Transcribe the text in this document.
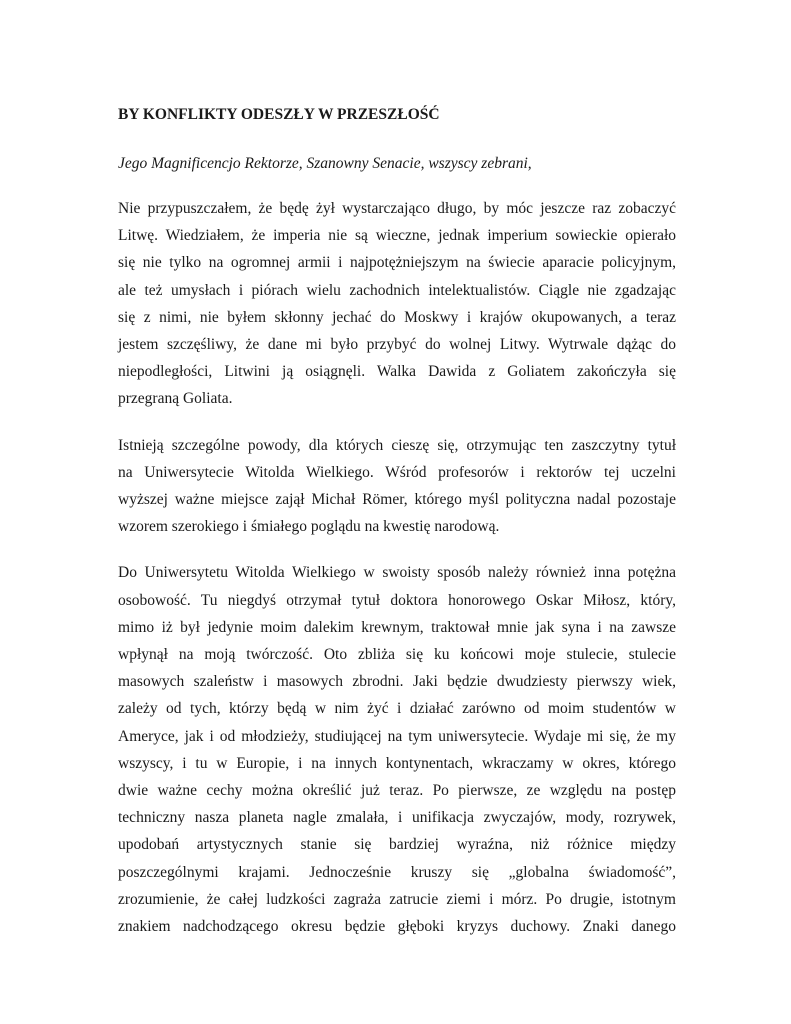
BY KONFLIKTY ODESZŁY W PRZESZŁOŚĆ

Jego Magnificencjo Rektorze, Szanowny Senacie, wszyscy zebrani,

Nie przypuszczałem, że będę żył wystarczająco długo, by móc jeszcze raz zobaczyć
Litwę. Wiedziałem, że imperia nie są wieczne, jednak imperium sowieckie opierało
się nie tylko na ogromnej armii i najpotężniejszym na świecie aparacie policyjnym,
ale też umysłach i piórach wielu zachodnich intelektualistów. Ciągle nie zgadzając
się z nimi, nie byłem skłonny jechać do Moskwy i krajów okupowanych, a teraz
jestem szczęśliwy, że dane mi było przybyć do wolnej Litwy. Wytrwale dążąc do
niepodległości, Litwini ją osiągnęli. Walka Dawida z Goliatem zakończyła się
przegraną Goliata.
Istnieją szczególne powody, dla których cieszę się, otrzymując ten zaszczytny tytuł
na Uniwersytecie Witolda Wielkiego. Wśród profesorów i rektorów tej uczelni
wyższej ważne miejsce zajął Michał Römer, którego myśl polityczna nadal pozostaje
wzorem szerokiego i śmiałego poglądu na kwestię narodową.
Do Uniwersytetu Witolda Wielkiego w swoisty sposób należy również inna potężna
osobowość. Tu niegdyś otrzymał tytuł doktora honorowego Oskar Miłosz, który,
mimo iż był jedynie moim dalekim krewnym, traktował mnie jak syna i na zawsze
wpłynął na moją twórczość. Oto zbliża się ku końcowi moje stulecie, stulecie
masowych szaleństw i masowych zbrodni. Jaki będzie dwudziesty pierwszy wiek,
zależy od tych, którzy będą w nim żyć i działać zarówno od moim studentów w
Ameryce, jak i od młodzieży, studiującej na tym uniwersytecie. Wydaje mi się, że my
wszyscy, i tu w Europie, i na innych kontynentach, wkraczamy w okres, którego
dwie ważne cechy można określić już teraz. Po pierwsze, ze względu na postęp
techniczny nasza planeta nagle zmalała, i unifikacja zwyczajów, mody, rozrywek,
upodobań artystycznych stanie się bardziej wyraźna, niż różnice między
poszczególnymi krajami. Jednocześnie kruszy się „globalna świadomość”,
zrozumienie, że całej ludzkości zagraża zatrucie ziemi i mórz. Po drugie, istotnym
znakiem nadchodzącego okresu będzie głęboki kryzys duchowy. Znaki danego
